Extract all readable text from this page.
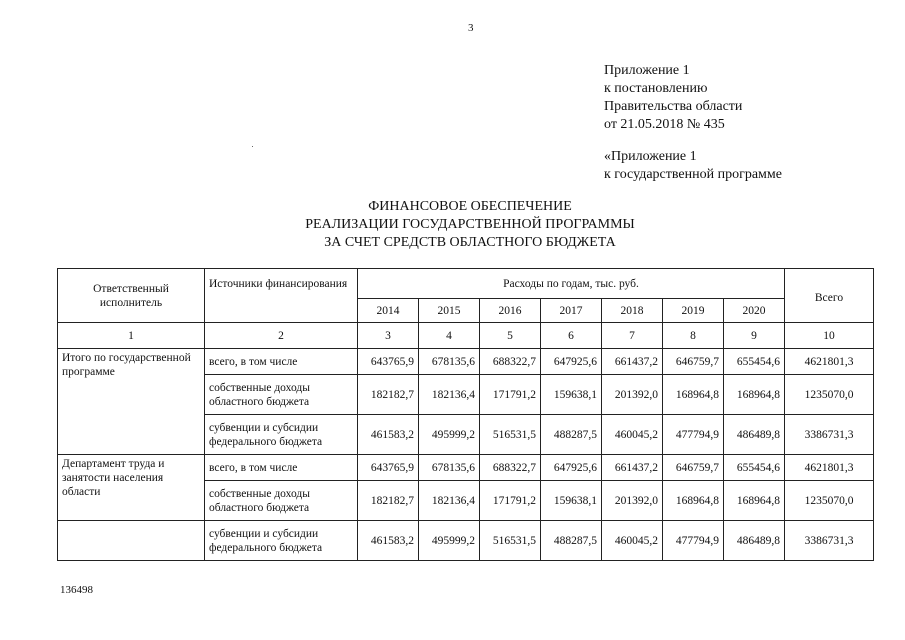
3
Приложение 1
к постановлению
Правительства области
от 21.05.2018 № 435
«Приложение 1
к государственной программе
ФИНАНСОВОЕ ОБЕСПЕЧЕНИЕ
РЕАЛИЗАЦИИ ГОСУДАРСТВЕННОЙ ПРОГРАММЫ
ЗА СЧЕТ СРЕДСТВ ОБЛАСТНОГО БЮДЖЕТА
Ответственный исполнитель	Источники финансирования	Расходы по годам, тыс. руб.							Всего
		2014	2015	2016	2017	2018	2019	2020	
1	2	3	4	5	6	7	8	9	10
Итого по государственной программе	всего, в том числе	643765,9	678135,6	688322,7	647925,6	661437,2	646759,7	655454,6	4621801,3
	собственные доходы областного бюджета	182182,7	182136,4	171791,2	159638,1	201392,0	168964,8	168964,8	1235070,0
	субвенции и субсидии федерального бюджета	461583,2	495999,2	516531,5	488287,5	460045,2	477794,9	486489,8	3386731,3
Департамент труда и занятости населения области	всего, в том числе	643765,9	678135,6	688322,7	647925,6	661437,2	646759,7	655454,6	4621801,3
	собственные доходы областного бюджета	182182,7	182136,4	171791,2	159638,1	201392,0	168964,8	168964,8	1235070,0
	субвенции и субсидии федерального бюджета	461583,2	495999,2	516531,5	488287,5	460045,2	477794,9	486489,8	3386731,3
136498
